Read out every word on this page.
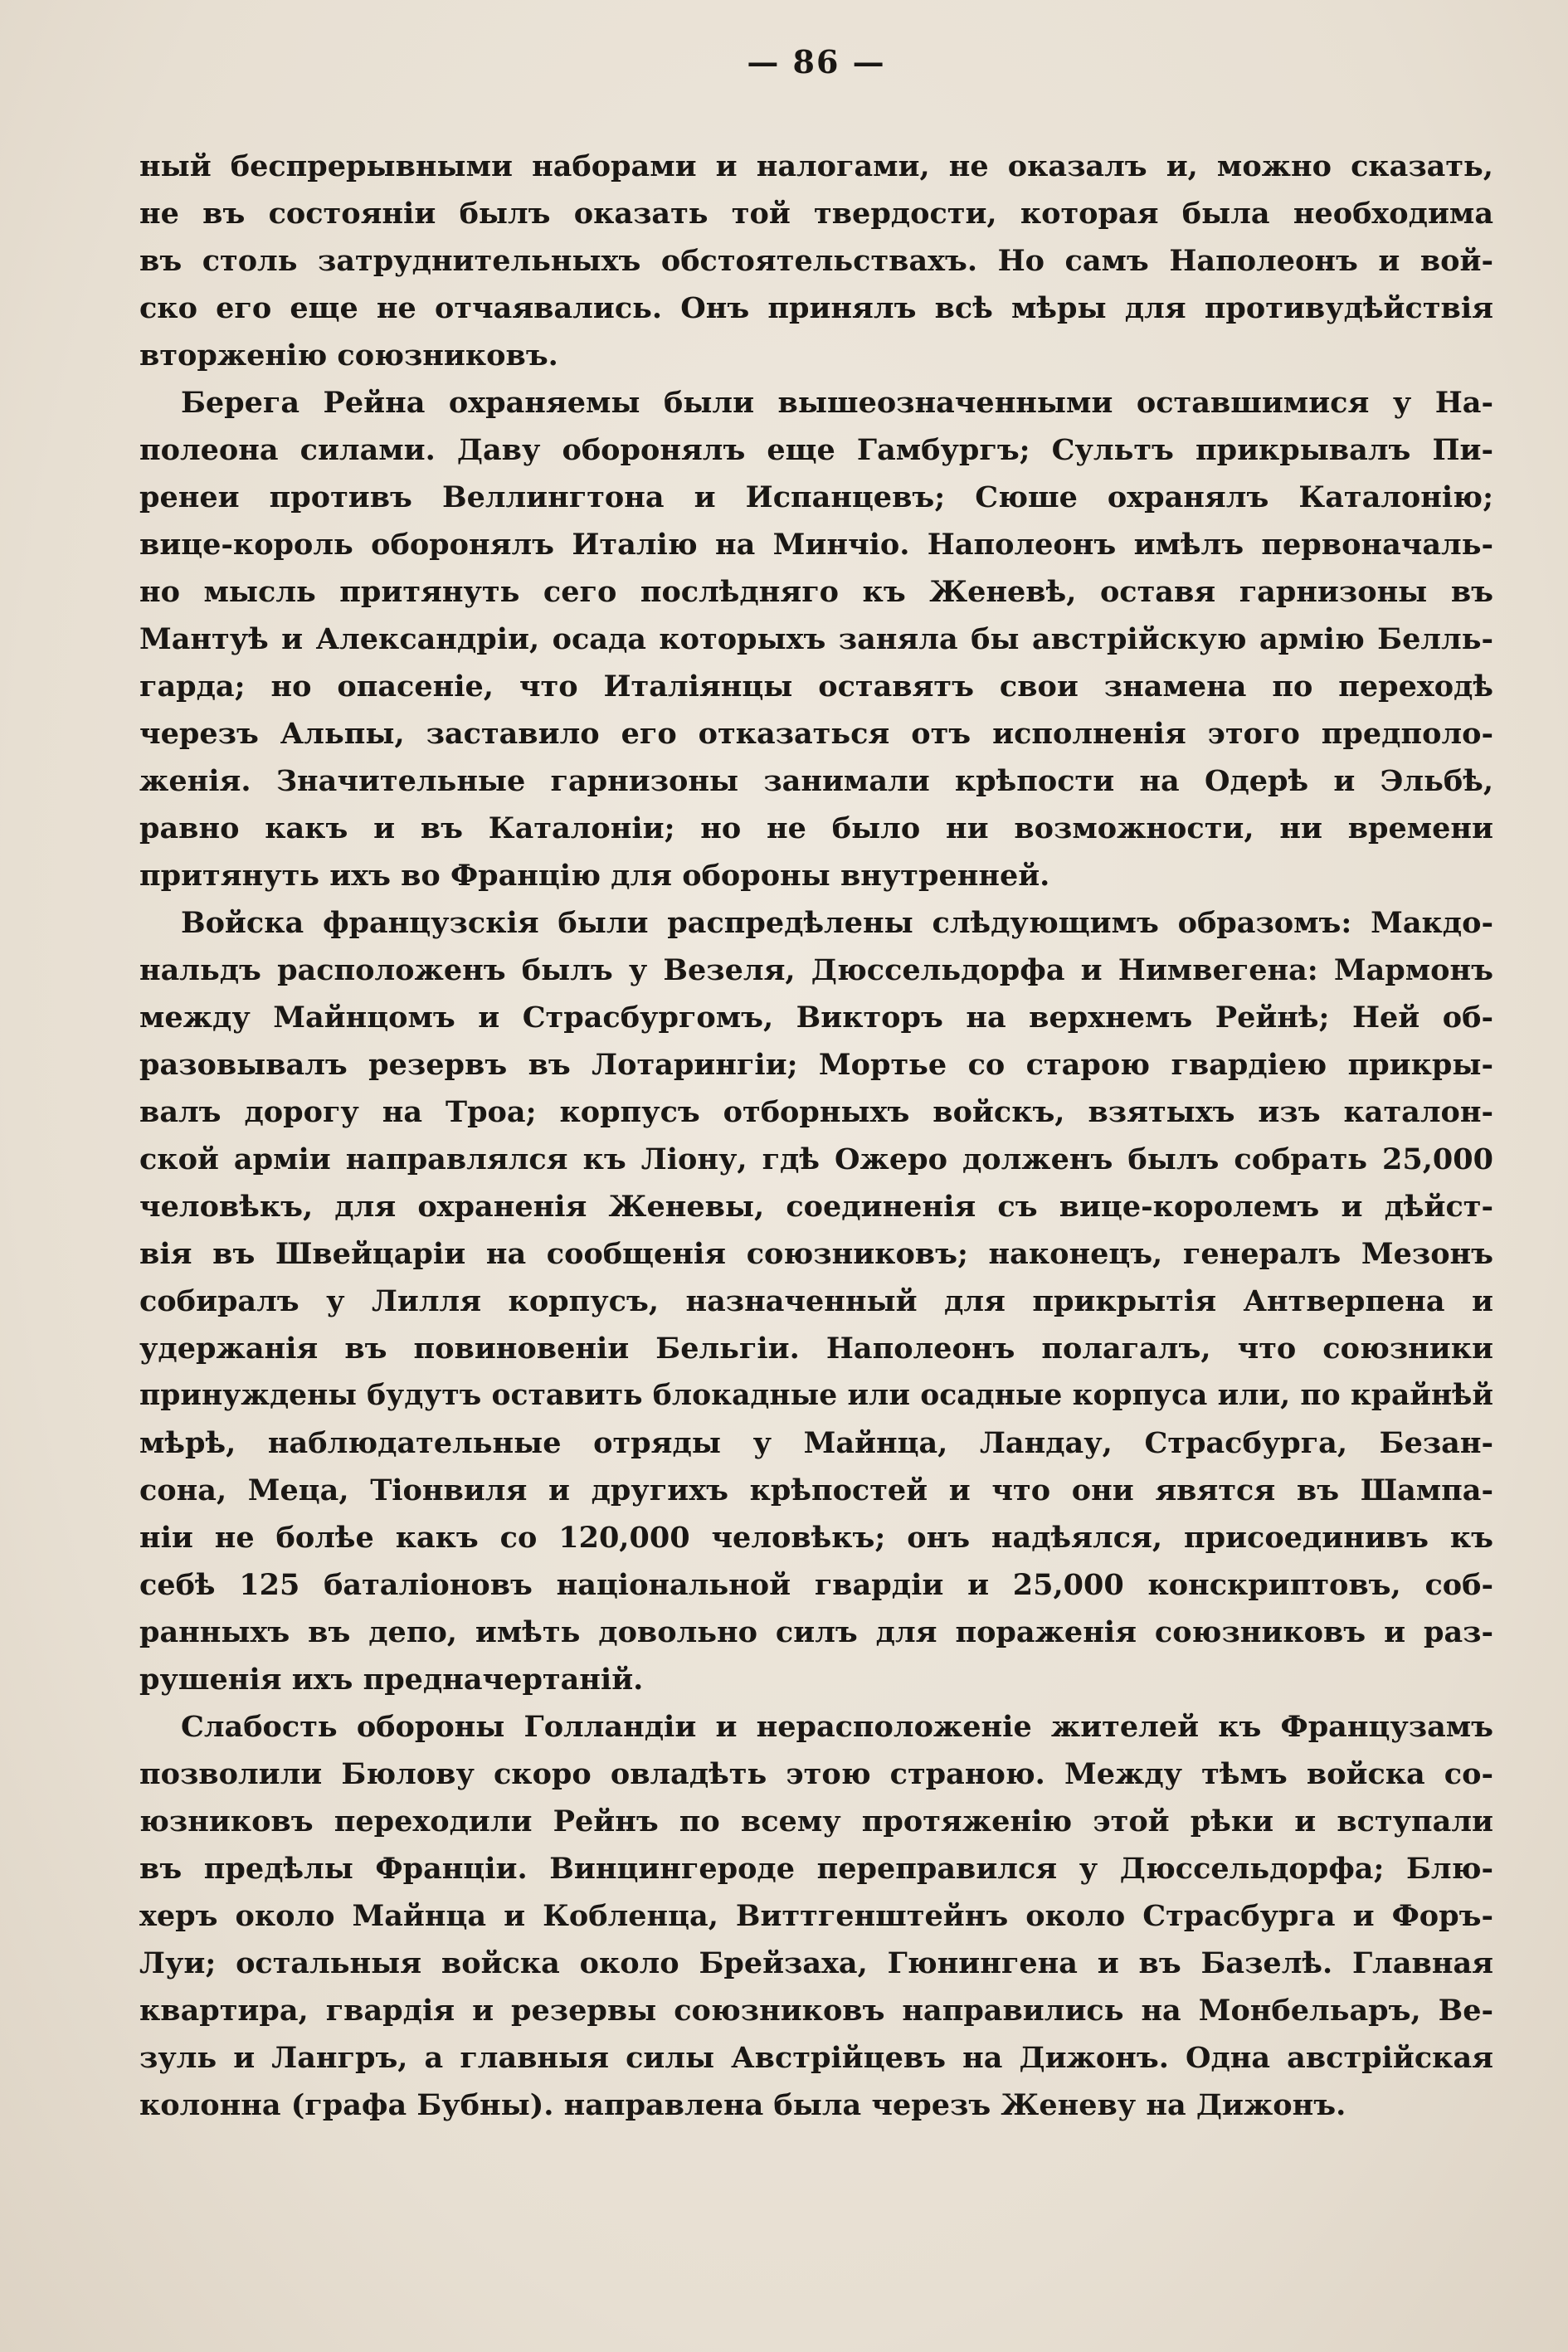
— 86 —
ный беспрерывными наборами и налогами, не оказалъ и, можно сказать,
не въ состояніи былъ оказать той твердости, которая была необходима
въ столь затруднительныхъ обстоятельствахъ. Но самъ Наполеонъ и вой-
ско его еще не отчаявались. Онъ принялъ всѣ мѣры для противудѣйствія
вторженію союзниковъ.
Берега Рейна охраняемы были вышеозначенными оставшимися у На-
полеона силами. Даву оборонялъ еще Гамбургъ; Сультъ прикрывалъ Пи-
ренеи противъ Веллингтона и Испанцевъ; Сюше охранялъ Каталонію;
вице-король оборонялъ Италію на Минчіо. Наполеонъ имѣлъ первоначаль-
но мысль притянуть сего послѣдняго къ Женевѣ, оставя гарнизоны въ
Мантуѣ и Александріи, осада которыхъ заняла бы австрійскую армію Белль-
гарда; но опасеніе, что Италіянцы оставятъ свои знамена по переходѣ
черезъ Альпы, заставило его отказаться отъ исполненія этого предполо-
женія. Значительные гарнизоны занимали крѣпости на Одерѣ и Эльбѣ,
равно какъ и въ Каталоніи; но не было ни возможности, ни времени
притянуть ихъ во Францію для обороны внутренней.
Войска французскія были распредѣлены слѣдующимъ образомъ: Макдо-
нальдъ расположенъ былъ у Везеля, Дюссельдорфа и Нимвегена: Мармонъ
между Майнцомъ и Страсбургомъ, Викторъ на верхнемъ Рейнѣ; Ней об-
разовывалъ резервъ въ Лотарингіи; Мортье со старою гвардіею прикры-
валъ дорогу на Троа; корпусъ отборныхъ войскъ, взятыхъ изъ каталон-
ской арміи направлялся къ Ліону, гдѣ Ожеро долженъ былъ собрать 25,000
человѣкъ, для охраненія Женевы, соединенія съ вице-королемъ и дѣйст-
вія въ Швейцаріи на сообщенія союзниковъ; наконецъ, генералъ Мезонъ
собиралъ у Лилля корпусъ, назначенный для прикрытія Антверпена и
удержанія въ повиновеніи Бельгіи. Наполеонъ полагалъ, что союзники
принуждены будутъ оставить блокадные или осадные корпуса или, по крайнѣй
мѣрѣ, наблюдательные отряды у Майнца, Ландау, Страсбурга, Безан-
сона, Меца, Тіонвиля и другихъ крѣпостей и что они явятся въ Шампа-
ніи не болѣе какъ со 120,000 человѣкъ; онъ надѣялся, присоединивъ къ
себѣ 125 баталіоновъ національной гвардіи и 25,000 конскриптовъ, соб-
ранныхъ въ депо, имѣть довольно силъ для пораженія союзниковъ и раз-
рушенія ихъ предначертаній.
Слабость обороны Голландіи и нерасположеніе жителей къ Французамъ
позволили Бюлову скоро овладѣть этою страною. Между тѣмъ войска со-
юзниковъ переходили Рейнъ по всему протяженію этой рѣки и вступали
въ предѣлы Франціи. Винцингероде переправился у Дюссельдорфа; Блю-
херъ около Майнца и Кобленца, Виттгенштейнъ около Страсбурга и Форъ-
Луи; остальныя войска около Брейзаха, Гюнингена и въ Базелѣ. Главная
квартира, гвардія и резервы союзниковъ направились на Монбельаръ, Ве-
зуль и Лангръ, а главныя силы Австрійцевъ на Дижонъ. Одна австрійская
колонна (графа Бубны). направлена была черезъ Женеву на Дижонъ.
